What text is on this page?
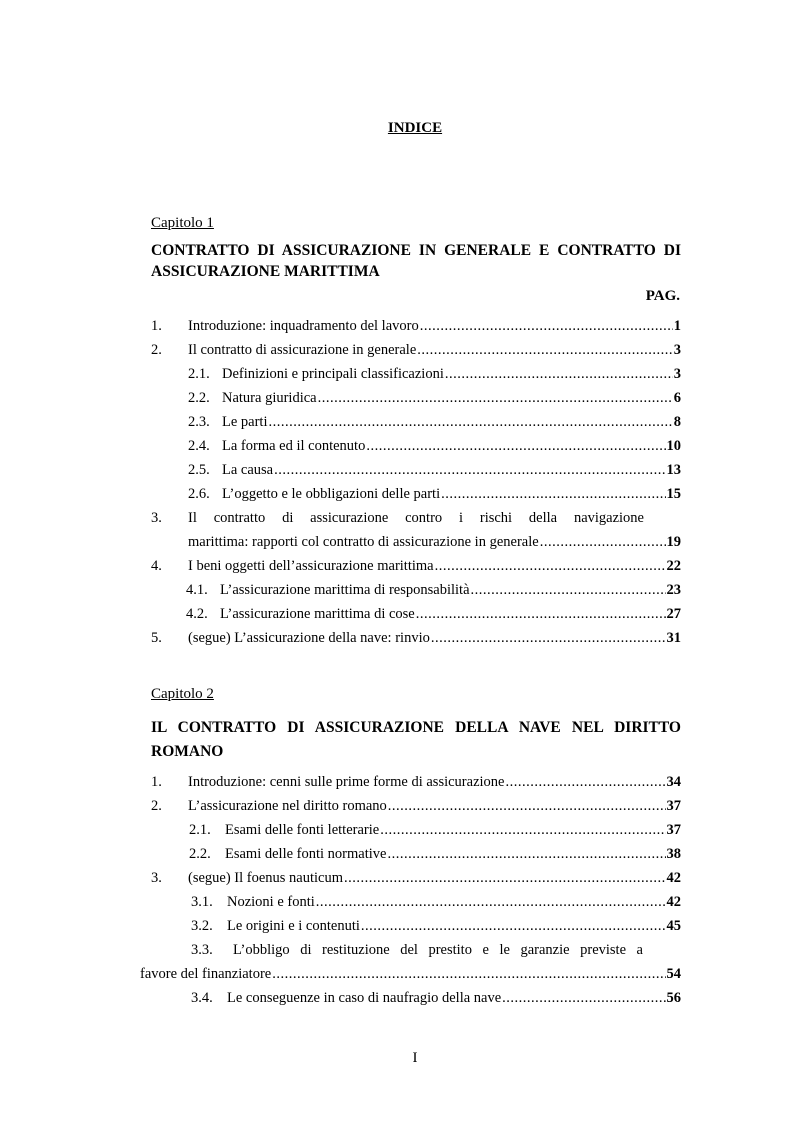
INDICE
Capitolo 1
CONTRATTO DI ASSICURAZIONE IN GENERALE E CONTRATTO DI ASSICURAZIONE MARITTIMA
PAG.
1.	Introduzione: inquadramento del lavoro .....	1
2.	Il contratto di assicurazione in generale .....	3
2.1. Definizioni e principali classificazioni .....	3
2.2. Natura giuridica .....	6
2.3. Le parti .....	8
2.4. La forma ed il contenuto .....	10
2.5. La causa .....	13
2.6. L’oggetto e le obbligazioni delle parti .....	15
3.	Il contratto di assicurazione contro i rischi della navigazione
marittima: rapporti col contratto di assicurazione in generale .....	19
4.	I beni oggetti dell’assicurazione marittima .....	22
4.1. L’assicurazione marittima di responsabilità .....	23
4.2. L’assicurazione marittima di cose .....	27
5.	(segue) L’assicurazione della nave: rinvio .....	31
Capitolo 2
IL CONTRATTO DI ASSICURAZIONE DELLA NAVE NEL DIRITTO ROMANO
1.	Introduzione: cenni sulle prime forme di assicurazione .....	34
2.	L’assicurazione nel diritto romano .....	37
2.1. Esami delle fonti letterarie .....	37
2.2. Esami delle fonti normative .....	38
3.	(segue) Il foenus nauticum .....	42
3.1. Nozioni e fonti .....	42
3.2. Le origini e i contenuti .....	45
3.3.	L’obbligo di restituzione del prestito e le garanzie previste a
favore del finanziatore .....	54
3.4. Le conseguenze in caso di naufragio della nave .....	56
I
